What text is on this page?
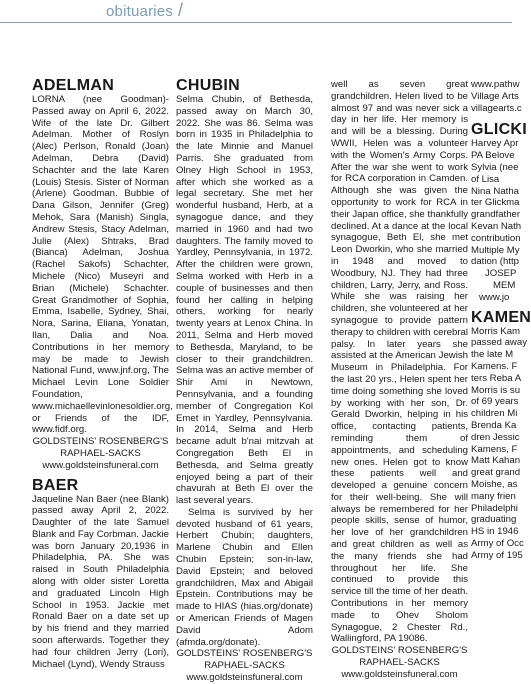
obituaries /
ADELMAN

LORNA (nee Goodman)-Passed away on April 6, 2022. Wife of the late Dr. Gilbert Adelman. Mother of Roslyn (Alec) Perlson, Ronald (Joan) Adelman, Debra (David) Schachter and the late Karen (Louis) Stesis. Sister of Norman (Arlene) Goodman. Bubbie of Dana Gilson, Jennifer (Greg) Mehok, Sara (Manish) Singla, Andrew Stesis, Stacy Adelman, Julie (Alex) Shtraks, Brad (Bianca) Adelman, Joshua (Rachel Sakofs) Schachter, Michele (Nico) Museyri and Brian (Michele) Schachter. Great Grandmother of Sophia, Emma, Isabelle, Sydney, Shai, Nora, Sarina, Eliana, Yonatan, Ilan, Dalia and Noa. Contributions in her memory may be made to Jewish National Fund, www.jnf.org, The Michael Levin Lone Soldier Foundation, www.michaellevinlonesoldier.org, or Friends of the IDF, www.fidf.org.

GOLDSTEINS' ROSENBERG'S RAPHAEL-SACKS

www.goldsteinsfuneral.com

BAER

Jaqueline Nan Baer (nee Blank) passed away April 2, 2022. Daughter of the late Samuel Blank and Fay Corbman. Jackie was born January 20,1936 in Philadelphia, PA. She was raised in South Philadelphia along with older sister Loretta and graduated Lincoln High School in 1953. Jackie met Ronald Baer on a date set up by his friend and they married soon afterwards. Together they had four children Jerry (Lori), Michael (Lynd), Wendy Strauss

CHUBIN

Selma Chubin, of Bethesda, passed away on March 30, 2022. She was 86. Selma was born in 1935 in Philadelphia to the late Minnie and Manuel Parris. She graduated from Olney High School in 1953, after which she worked as a legal secretary. She met her wonderful husband, Herb, at a synagogue dance, and they married in 1960 and had two daughters. The family moved to Yardley, Pennsylvania, in 1972. After the children were grown, Selma worked with Herb in a couple of businesses and then found her calling in helping others, working for nearly twenty years at Lenox China. In 2011, Selma and Herb moved to Bethesda, Maryland, to be closer to their grandchildren. Selma was an active member of Shir Ami in Newtown, Pennsylvania, and a founding member of Congregation Kol Emet in Yardley, Pennsylvania. In 2014, Selma and Herb became adult b'nai mitzvah at Congregation Beth El in Bethesda, and Selma greatly enjoyed being a part of their chavurah at Beth El over the last several years.

Selma is survived by her devoted husband of 61 years, Herbert Chubin; daughters, Marlene Chubin and Ellen Chubin Epstein; son-in-law, David Epstein; and beloved grandchildren, Max and Abigail Epstein. Contributions may be made to HIAS (hias.org/donate) or American Friends of Magen David Adom (afmda.org/donate).

GOLDSTEINS' ROSENBERG'S RAPHAEL-SACKS

www.goldsteinsfuneral.com

well as seven great grandchildren. Helen lived to be almost 97 and was never sick a day in her life. Her memory is and will be a blessing. During WWII, Helen was a volunteer with the Women's Army Corps. After the war she went to work for RCA corporation in Camden. Although she was given the opportunity to work for RCA in their Japan office, she thankfully declined. At a dance at the local synagogue, Beth El, she met Leon Dworkin, who she married in 1948 and moved to Woodbury, NJ. They had three children, Larry, Jerry, and Ross. While she was raising her children, she volunteered at her synagogue to provide pattern therapy to children with cerebral palsy. In later years she assisted at the American Jewish Museum in Philadelphia. For the last 20 yrs., Helen spent her time doing something she loved by working with her son, Dr. Gerald Dworkin, helping in his office, contacting patients, reminding them of appointments, and scheduling new ones. Helen got to know these patients well and developed a genuine concern for their well-being. She will always be remembered for her people skills, sense of humor, her love of her grandchildren and great children as well as the many friends she had throughout her life. She continued to provide this service till the time of her death. Contributions in her memory made to Ohev Sholom Synagogue, 2 Chester Rd., Wallingford, PA 19086.

GOLDSTEINS' ROSENBERG'S RAPHAEL-SACKS

www.goldsteinsfuneral.com

www.pathw

Village Arts

villagearts.c

GLICKI

Harvey Apr

PA Belove

Sylvia (nee

of Lisa

Nina Natha

ter Glickma

grandfather

Kevan Nath

contribution

Multiple My

dation (http

JOSEP

MEM

www.jo

KAMEN

Morris Kam

passed away

the late M

Kamens. F

ters Reba A

Morris is su

of 69 years

children Mi

Brenda Ka

dren Jessic

Kamens, F

Matt Kahan

great grand

Moishe, as

many frien

Philadelphi

graduating

HS in 1946

Army of Occ

Army of 195
